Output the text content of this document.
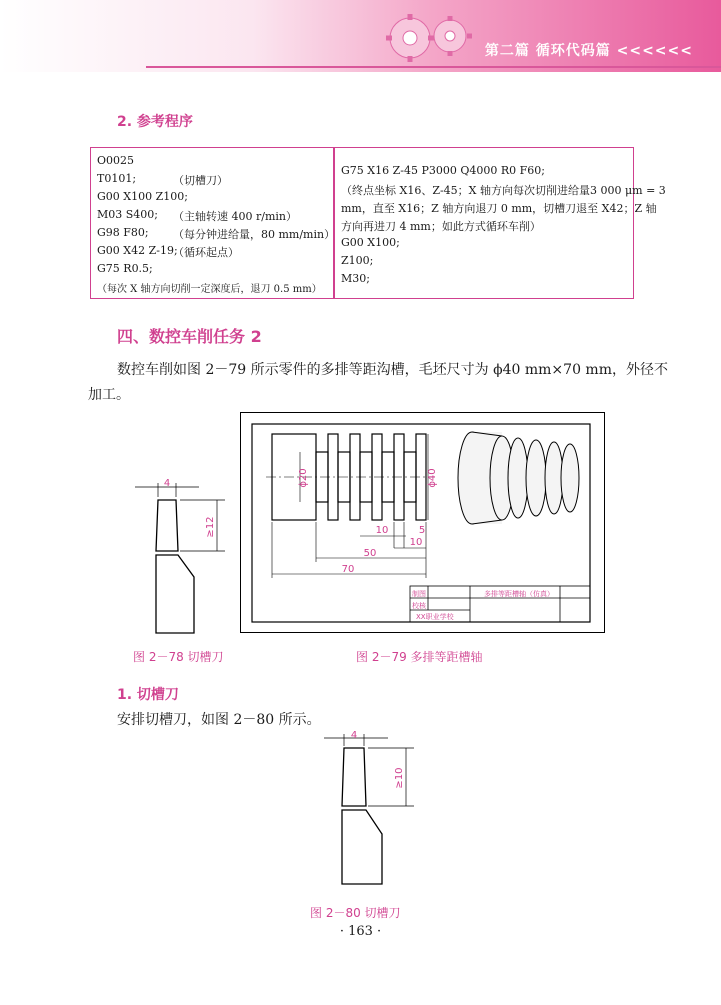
第二篇 循环代码篇 <<<<<<
2. 参考程序
O0025
T0101;	（切槽刀）
G00 X100 Z100;
M03 S400; （主轴转速 400 r/min）
G98 F80; （每分钟进给量，80 mm/min）
G00 X42 Z-19;
（循环起点）
G75 R0.5;
（每次 X 轴方向切削一定深度后，退刀 0.5 mm）
G75 X16 Z-45 P3000 Q4000 R0 F60;
（终点坐标 X16、Z-45；X 轴方向每次切削进给量3 000 μm = 3
mm，直至 X16；Z 轴方向退刀 0 mm，切槽刀退至 X42；Z 轴
方向再进刀 4 mm；如此方式循环车削）
G00 X100;
Z100;
M30;
四、数控车削任务 2
数控车削如图 2－79 所示零件的多排等距沟槽，毛坯尺寸为 ϕ40 mm×70 mm，外径不
加工。
4
≥12
图 2－78 切槽刀
ϕ20	ϕ40
10	5
10
50
70
制图
校核
多排等距槽轴（仿真）
XX职业学校
图 2－79 多排等距槽轴
1. 切槽刀
安排切槽刀，如图 2－80 所示。
4
≥10
图 2－80 切槽刀
· 163 ·
